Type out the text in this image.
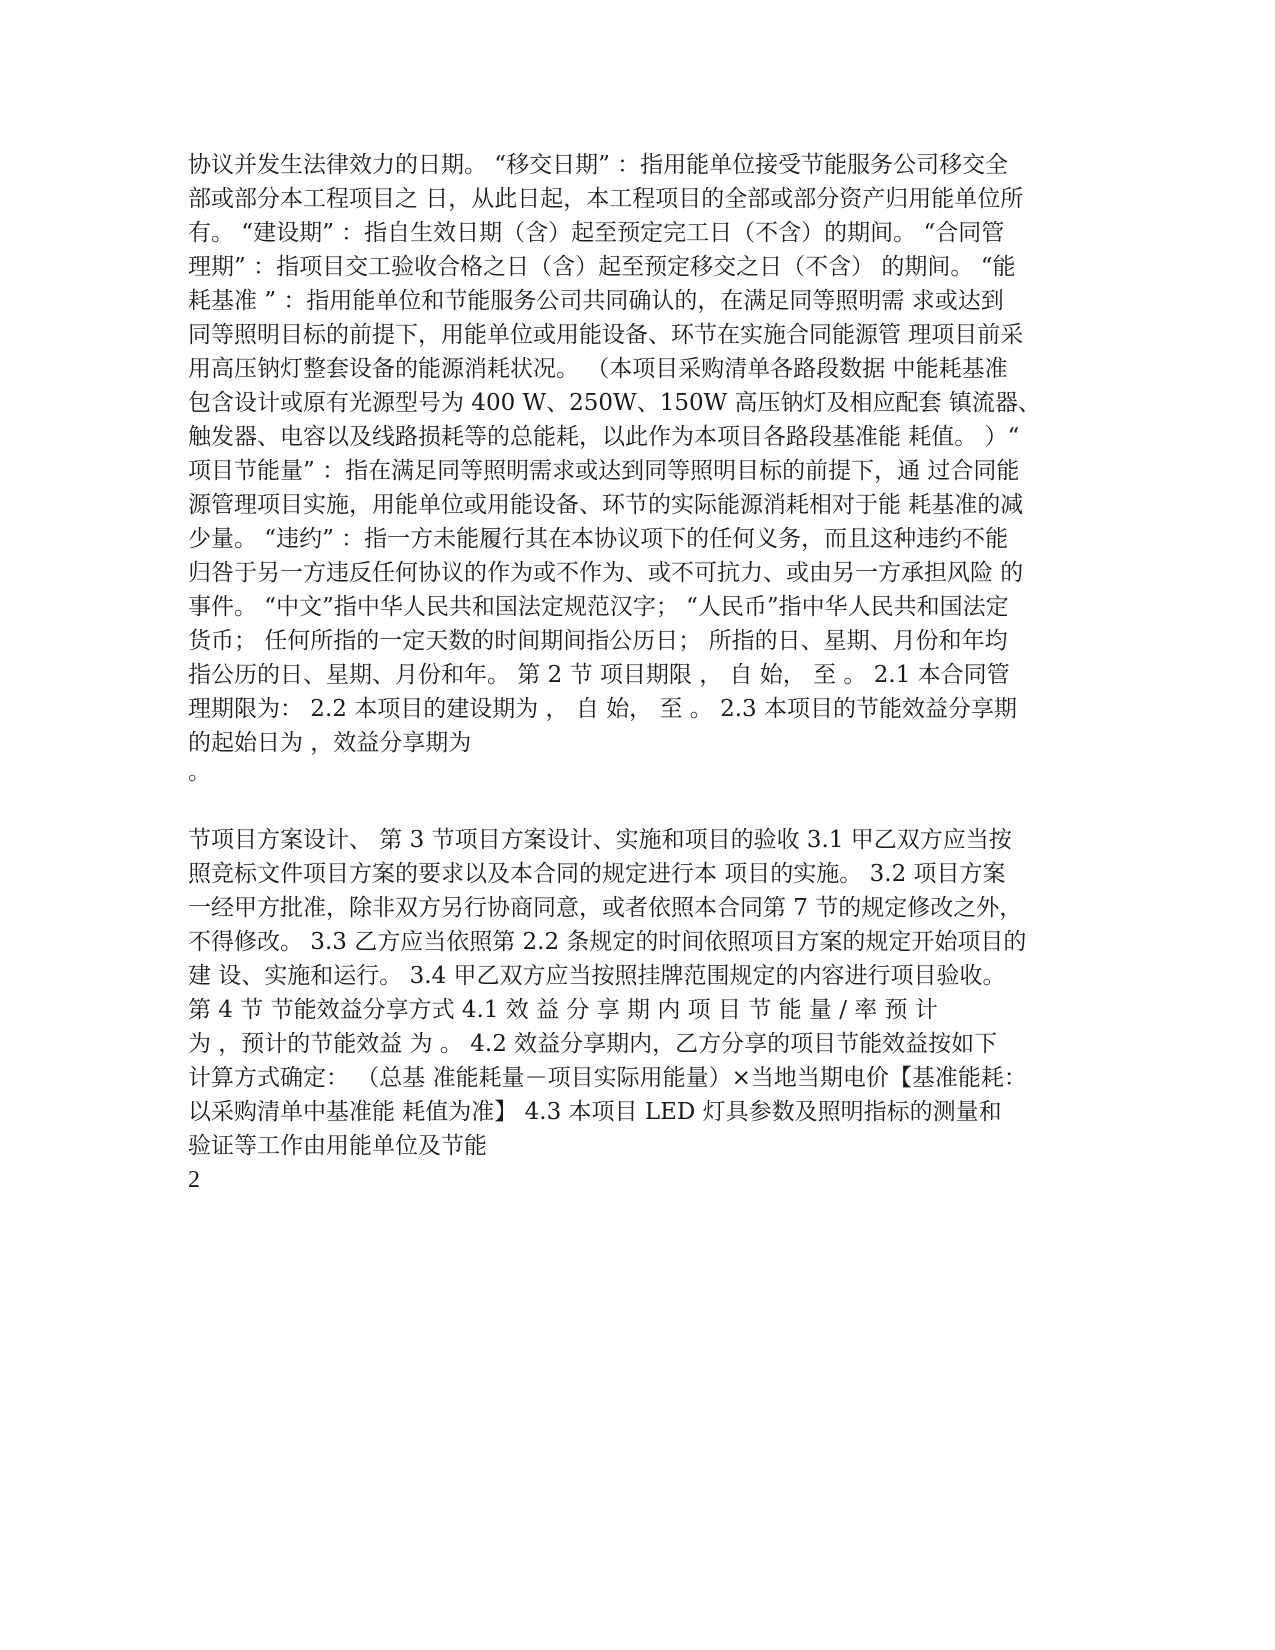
协议并发生法律效力的日期。 “移交日期” ：指用能单位接受节能服务公司移交全
部或部分本工程项目之 日，从此日起，本工程项目的全部或部分资产归用能单位所
有。 “建设期” ：指自生效日期（含）起至预定完工日（不含）的期间。 “合同管
理期” ：指项目交工验收合格之日（含）起至预定移交之日（不含） 的期间。 “能
耗基准 ” ：指用能单位和节能服务公司共同确认的，在满足同等照明需 求或达到
同等照明目标的前提下，用能单位或用能设备、环节在实施合同能源管 理项目前采
用高压钠灯整套设备的能源消耗状况。 （本项目采购清单各路段数据 中能耗基准
包含设计或原有光源型号为 400 W、250W、150W 高压钠灯及相应配套 镇流器、
触发器、电容以及线路损耗等的总能耗，以此作为本项目各路段基准能 耗值。 ）“
项目节能量” ：指在满足同等照明需求或达到同等照明目标的前提下，通 过合同能
源管理项目实施，用能单位或用能设备、环节的实际能源消耗相对于能 耗基准的减
少量。 “违约” ：指一方未能履行其在本协议项下的任何义务，而且这种违约不能
归咎于另一方违反任何协议的作为或不作为、或不可抗力、或由另一方承担风险 的
事件。 “中文”指中华人民共和国法定规范汉字； “人民币”指中华人民共和国法定
货币； 任何所指的一定天数的时间期间指公历日； 所指的日、星期、月份和年均
指公历的日、星期、月份和年。 第 2 节 项目期限 ， 自 始， 至 。 2.1 本合同管
理期限为： 2.2 本项目的建设期为 ， 自 始， 至 。 2.3 本项目的节能效益分享期
的起始日为 ，效益分享期为
。
节项目方案设计、 第 3 节项目方案设计、实施和项目的验收 3.1 甲乙双方应当按
照竞标文件项目方案的要求以及本合同的规定进行本 项目的实施。 3.2 项目方案
一经甲方批准，除非双方另行协商同意，或者依照本合同第 7 节的规定修改之外，
不得修改。 3.3 乙方应当依照第 2.2 条规定的时间依照项目方案的规定开始项目的
建 设、实施和运行。 3.4 甲乙双方应当按照挂牌范围规定的内容进行项目验收。
第 4 节 节能效益分享方式 4.1 效 益 分 享 期 内 项 目 节 能 量 / 率 预 计
为 ，预计的节能效益 为 。 4.2 效益分享期内，乙方分享的项目节能效益按如下
计算方式确定： （总基 准能耗量－项目实际用能量）×当地当期电价【基准能耗：
以采购清单中基准能 耗值为准】 4.3 本项目 LED 灯具参数及照明指标的测量和
验证等工作由用能单位及节能

2
